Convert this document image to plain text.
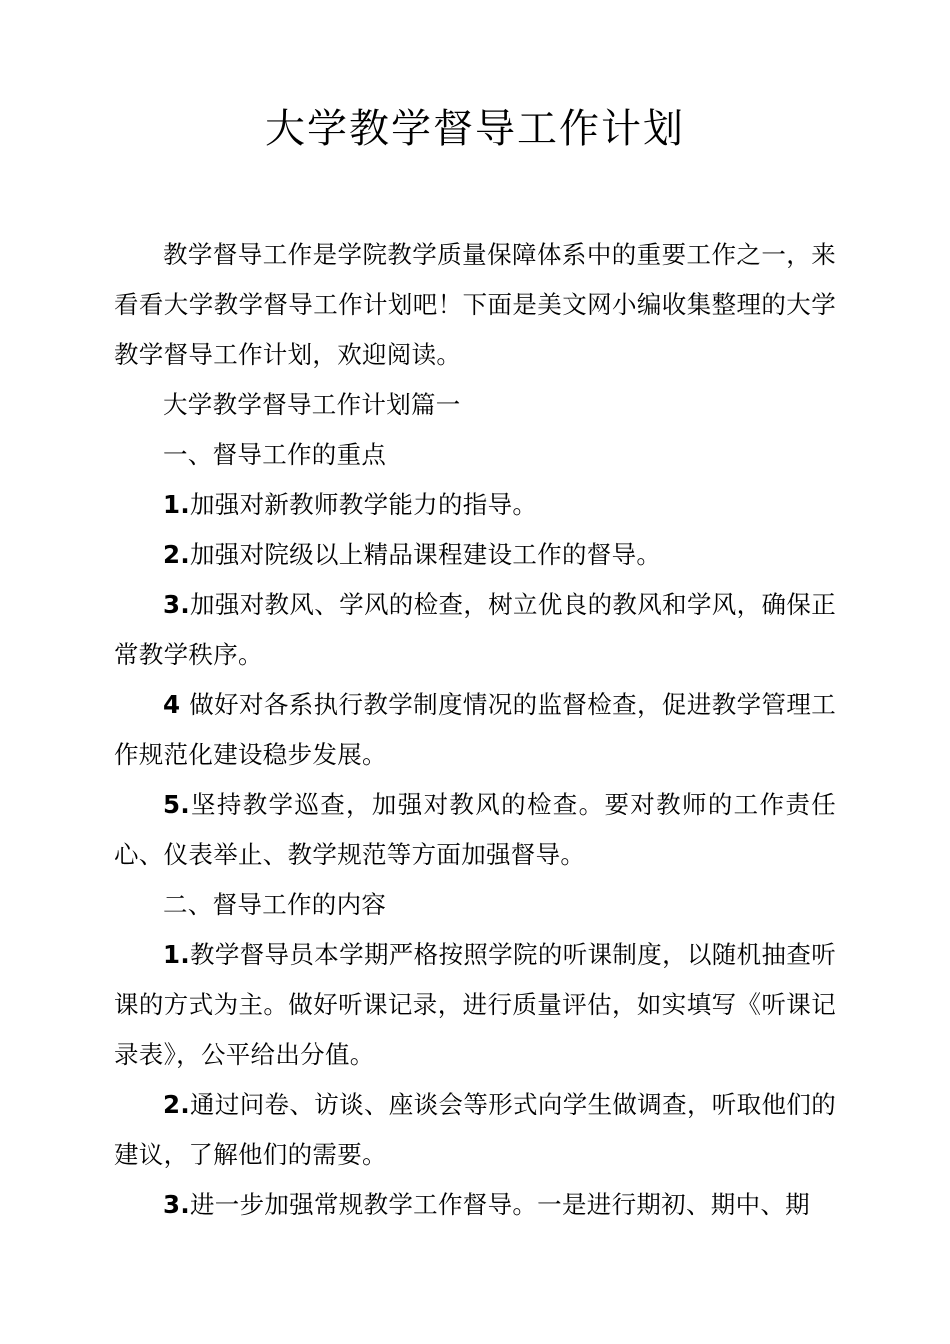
大学教学督导工作计划

教学督导工作是学院教学质量保障体系中的重要工作之一，来看看大学教学督导工作计划吧！下面是美文网小编收集整理的大学教学督导工作计划，欢迎阅读。

大学教学督导工作计划篇一

一、督导工作的重点

1.加强对新教师教学能力的指导。

2.加强对院级以上精品课程建设工作的督导。

3.加强对教风、学风的检查，树立优良的教风和学风，确保正常教学秩序。

4 做好对各系执行教学制度情况的监督检查，促进教学管理工作规范化建设稳步发展。

5.坚持教学巡查，加强对教风的检查。要对教师的工作责任心、仪表举止、教学规范等方面加强督导。

二、督导工作的内容

1.教学督导员本学期严格按照学院的听课制度，以随机抽查听课的方式为主。做好听课记录，进行质量评估，如实填写《听课记录表》，公平给出分值。

2.通过问卷、访谈、座谈会等形式向学生做调查，听取他们的建议，了解他们的需要。

3.进一步加强常规教学工作督导。一是进行期初、期中、期
